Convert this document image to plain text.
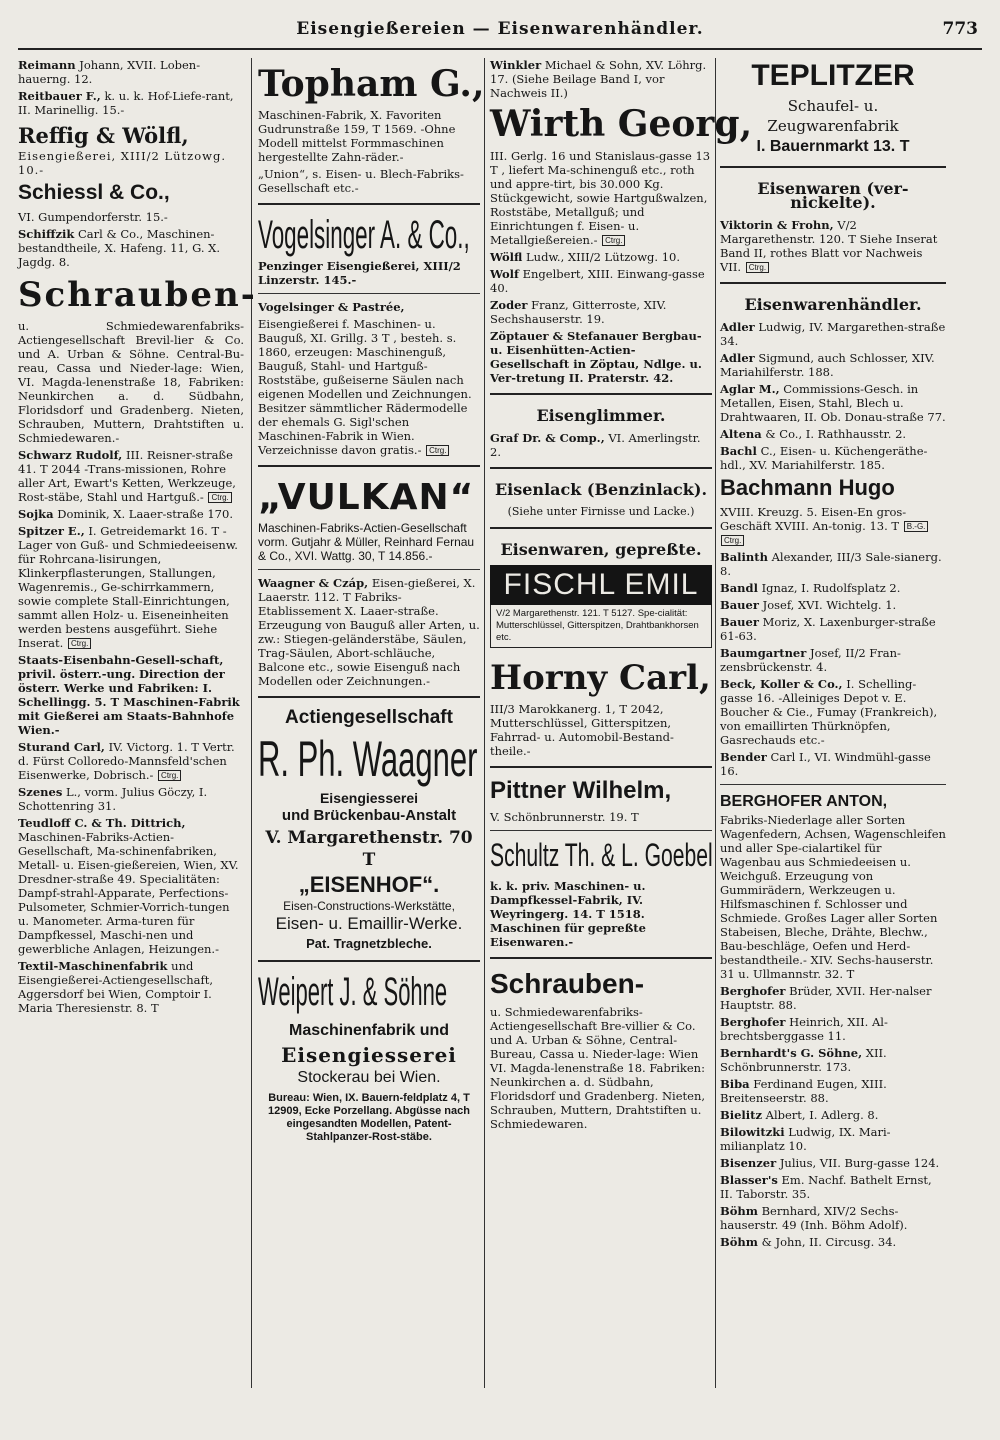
Eisengießereien — Eisenwarenhändler.	773

Reimann Johann, XVII. Loben-hauerng. 12.

Reitbauer F., k. u. k. Hof-Liefe-rant, II. Marinellig. 15.-

Reffig & Wölfl,

Eisengießerei, XIII/2 Lützowg. 10.-

Schiessl & Co.,

VI. Gumpendorferstr. 15.-

Schiffzik Carl & Co., Maschinen-bestandtheile, X. Hafeng. 11, G. X. Jagdg. 8.

Schrauben-

u. Schmiedewarenfabriks-Actiengesellschaft Brevil-lier & Co. und A. Urban & Söhne. Central-Bu-reau, Cassa und Nieder-lage: Wien, VI. Magda-lenenstraße 18, Fabriken: Neunkirchen a. d. Südbahn, Floridsdorf und Gradenberg. Nieten, Schrauben, Muttern, Drahtstiften u. Schmiedewaren.-

Schwarz Rudolf, III. Reisner-straße 41. T 2044 -Trans-missionen, Rohre aller Art, Ewart's Ketten, Werkzeuge, Rost-stäbe, Stahl und Hartguß.- Ctrg.

Sojka Dominik, X. Laaer-straße 170.

Spitzer E., I. Getreidemarkt 16. T -Lager von Guß- und Schmiedeeisenw. für Rohrcana-lisirungen, Klinkerpflasterungen, Stallungen, Wagenremis., Ge-schirrkammern, sowie complete Stall-Einrichtungen, sammt allen Holz- u. Eiseneinheiten werden bestens ausgeführt. Siehe Inserat. Ctrg.

Staats-Eisenbahn-Gesell-schaft, privil. österr.-ung. Direction der österr. Werke und Fabriken: I. Schellingg. 5. T Maschinen-Fabrik mit Gießerei am Staats-Bahnhofe Wien.-

Sturand Carl, IV. Victorg. 1. T Vertr. d. Fürst Colloredo-Mannsfeld'schen Eisenwerke, Dobrisch.- Ctrg.

Szenes L., vorm. Julius Göczy, I. Schottenring 31.

Teudloff C. & Th. Dittrich, Maschinen-Fabriks-Actien-Gesellschaft, Ma-schinenfabriken, Metall- u. Eisen-gießereien, Wien, XV. Dresdner-straße 49. Specialitäten: Dampf-strahl-Apparate, Perfections-Pulsometer, Schmier-Vorrich-tungen u. Manometer. Arma-turen für Dampfkessel, Maschi-nen und gewerbliche Anlagen, Heizungen.-

Textil-Maschinenfabrik und Eisengießerei-Actiengesellschaft, Aggersdorf bei Wien, Comptoir I. Maria Theresienstr. 8. T

Topham G.,

Maschinen-Fabrik, X. Favoriten Gudrunstraße 159, T 1569. -Ohne Modell mittelst Formmaschinen hergestellte Zahn-räder.-

„Union“, s. Eisen- u. Blech-Fabriks-Gesellschaft etc.-

Vogelsinger A. & Co.,

Penzinger Eisengießerei, XIII/2 Linzerstr. 145.-

Vogelsinger & Pastrée,

Eisengießerei f. Maschinen- u. Bauguß, XI. Grillg. 3 T , besteh. s. 1860, erzeugen: Maschinenguß, Bauguß, Stahl- und Hartguß-Roststäbe, gußeiserne Säulen nach eigenen Modellen und Zeichnungen. Besitzer sämmtlicher Rädermodelle der ehemals G. Sigl'schen Maschinen-Fabrik in Wien. Verzeichnisse davon gratis.- Ctrg.

„VULKAN“

Maschinen-Fabriks-Actien-Gesellschaft vorm. Gutjahr & Müller, Reinhard Fernau & Co., XVI. Wattg. 30, T 14.856.-

Waagner & Czáp, Eisen-gießerei, X. Laaerstr. 112. T Fabriks-Etablissement X. Laaer-straße. Erzeugung von Bauguß aller Arten, u. zw.: Stiegen-geländerstäbe, Säulen, Trag-Säulen, Abort-schläuche, Balcone etc., sowie Eisenguß nach Modellen oder Zeichnungen.-

Actiengesellschaft
R. Ph. Waagner
Eisengiesserei
und Brückenbau-Anstalt
V. Margarethenstr. 70 T
„EISENHOF“.
Eisen-Constructions-Werkstätte,
Eisen- u. Emaillir-Werke.
Pat. Tragnetzbleche.
Weipert J. & Söhne
Maschinenfabrik und
Eisengiesserei
Stockerau bei Wien.

Bureau: Wien, IX. Bauern-feldplatz 4, T 12909, Ecke Porzellang. Abgüsse nach eingesandten Modellen, Patent-Stahlpanzer-Rost-stäbe.

Winkler Michael & Sohn, XV. Löhrg. 17. (Siehe Beilage Band I, vor Nachweis II.)

Wirth Georg,

III. Gerlg. 16 und Stanislaus-gasse 13 T , liefert Ma-schinenguß etc., roth und appre-tirt, bis 30.000 Kg. Stückgewicht, sowie Hartgußwalzen, Roststäbe, Metallguß; und Einrichtungen f. Eisen- u. Metallgießereien.- Ctrg.

Wölfl Ludw., XIII/2 Lützowg. 10.

Wolf Engelbert, XIII. Einwang-gasse 40.

Zoder Franz, Gitterroste, XIV. Sechshauserstr. 19.

Zöptauer & Stefanauer Bergbau- u. Eisenhütten-Actien-Gesellschaft in Zöptau, Ndlge. u. Ver-tretung II. Praterstr. 42.

Eisenglimmer.

Graf Dr. & Comp., VI. Amerlingstr. 2.

Eisenlack (Benzinlack).

(Siehe unter Firnisse und Lacke.)

Eisenwaren, gepreßte.
FISCHL EMIL
V/2 Margarethenstr. 121. T 5127. Spe-cialität: Mutterschlüssel, Gitterspitzen, Drahtbankhorsen etc.
Horny Carl,

III/3 Marokkanerg. 1, T 2042, Mutterschlüssel, Gitterspitzen, Fahrrad- u. Automobil-Bestand-theile.-

Pittner Wilhelm,

V. Schönbrunnerstr. 19. T

Schultz Th. & L. Goebel

k. k. priv. Maschinen- u. Dampfkessel-Fabrik, IV. Weyringerg. 14. T 1518. Maschinen für gepreßte Eisenwaren.-

Schrauben-

u. Schmiedewarenfabriks-Actiengesellschaft Bre-villier & Co. und A. Urban & Söhne, Central-Bureau, Cassa u. Nieder-lage: Wien VI. Magda-lenenstraße 18. Fabriken: Neunkirchen a. d. Südbahn, Floridsdorf und Gradenberg. Nieten, Schrauben, Muttern, Drahtstiften u. Schmiedewaren.

TEPLITZER
Schaufel- u. Zeugwarenfabrik
I. Bauernmarkt 13. T
Eisenwaren (ver-nickelte).

Viktorin & Frohn, V/2 Margarethenstr. 120. T Siehe Inserat Band II, rothes Blatt vor Nachweis VII. Ctrg.

Eisenwarenhändler.

Adler Ludwig, IV. Margarethen-straße 34.

Adler Sigmund, auch Schlosser, XIV. Mariahilferstr. 188.

Aglar M., Commissions-Gesch. in Metallen, Eisen, Stahl, Blech u. Drahtwaaren, II. Ob. Donau-straße 77.

Altena & Co., I. Rathhausstr. 2.

Bachl C., Eisen- u. Küchengeräthe-hdl., XV. Mariahilferstr. 185.

Bachmann Hugo

XVIII. Kreuzg. 5. Eisen-En gros-Geschäft XVIII. An-tonig. 13. T B.-G. Ctrg.

Balinth Alexander, III/3 Sale-sianerg. 8.

Bandl Ignaz, I. Rudolfsplatz 2.

Bauer Josef, XVI. Wichtelg. 1.

Bauer Moriz, X. Laxenburger-straße 61-63.

Baumgartner Josef, II/2 Fran-zensbrückenstr. 4.

Beck, Koller & Co., I. Schelling-gasse 16. -Alleiniges Depot v. E. Boucher & Cie., Fumay (Frankreich), von emaillirten Thürknöpfen, Gasrechauds etc.-

Bender Carl I., VI. Windmühl-gasse 16.

BERGHOFER ANTON,

Fabriks-Niederlage aller Sorten Wagenfedern, Achsen, Wagenschleifen und aller Spe-cialartikel für Wagenbau aus Schmiedeeisen u. Weichguß. Erzeugung von Gummirädern, Werkzeugen u. Hilfsmaschinen f. Schlosser und Schmiede. Großes Lager aller Sorten Stabeisen, Bleche, Drähte, Blechw., Bau-beschläge, Oefen und Herd-bestandtheile.- XIV. Sechs-hauserstr. 31 u. Ullmannstr. 32. T

Berghofer Brüder, XVII. Her-nalser Hauptstr. 88.

Berghofer Heinrich, XII. Al-brechtsberggasse 11.

Bernhardt's G. Söhne, XII. Schönbrunnerstr. 173.

Biba Ferdinand Eugen, XIII. Breitenseerstr. 88.

Bielitz Albert, I. Adlerg. 8.

Bilowitzki Ludwig, IX. Mari-milianplatz 10.

Bisenzer Julius, VII. Burg-gasse 124.

Blasser's Em. Nachf. Bathelt Ernst, II. Taborstr. 35.

Böhm Bernhard, XIV/2 Sechs-hauserstr. 49 (Inh. Böhm Adolf).

Böhm & John, II. Circusg. 34.
